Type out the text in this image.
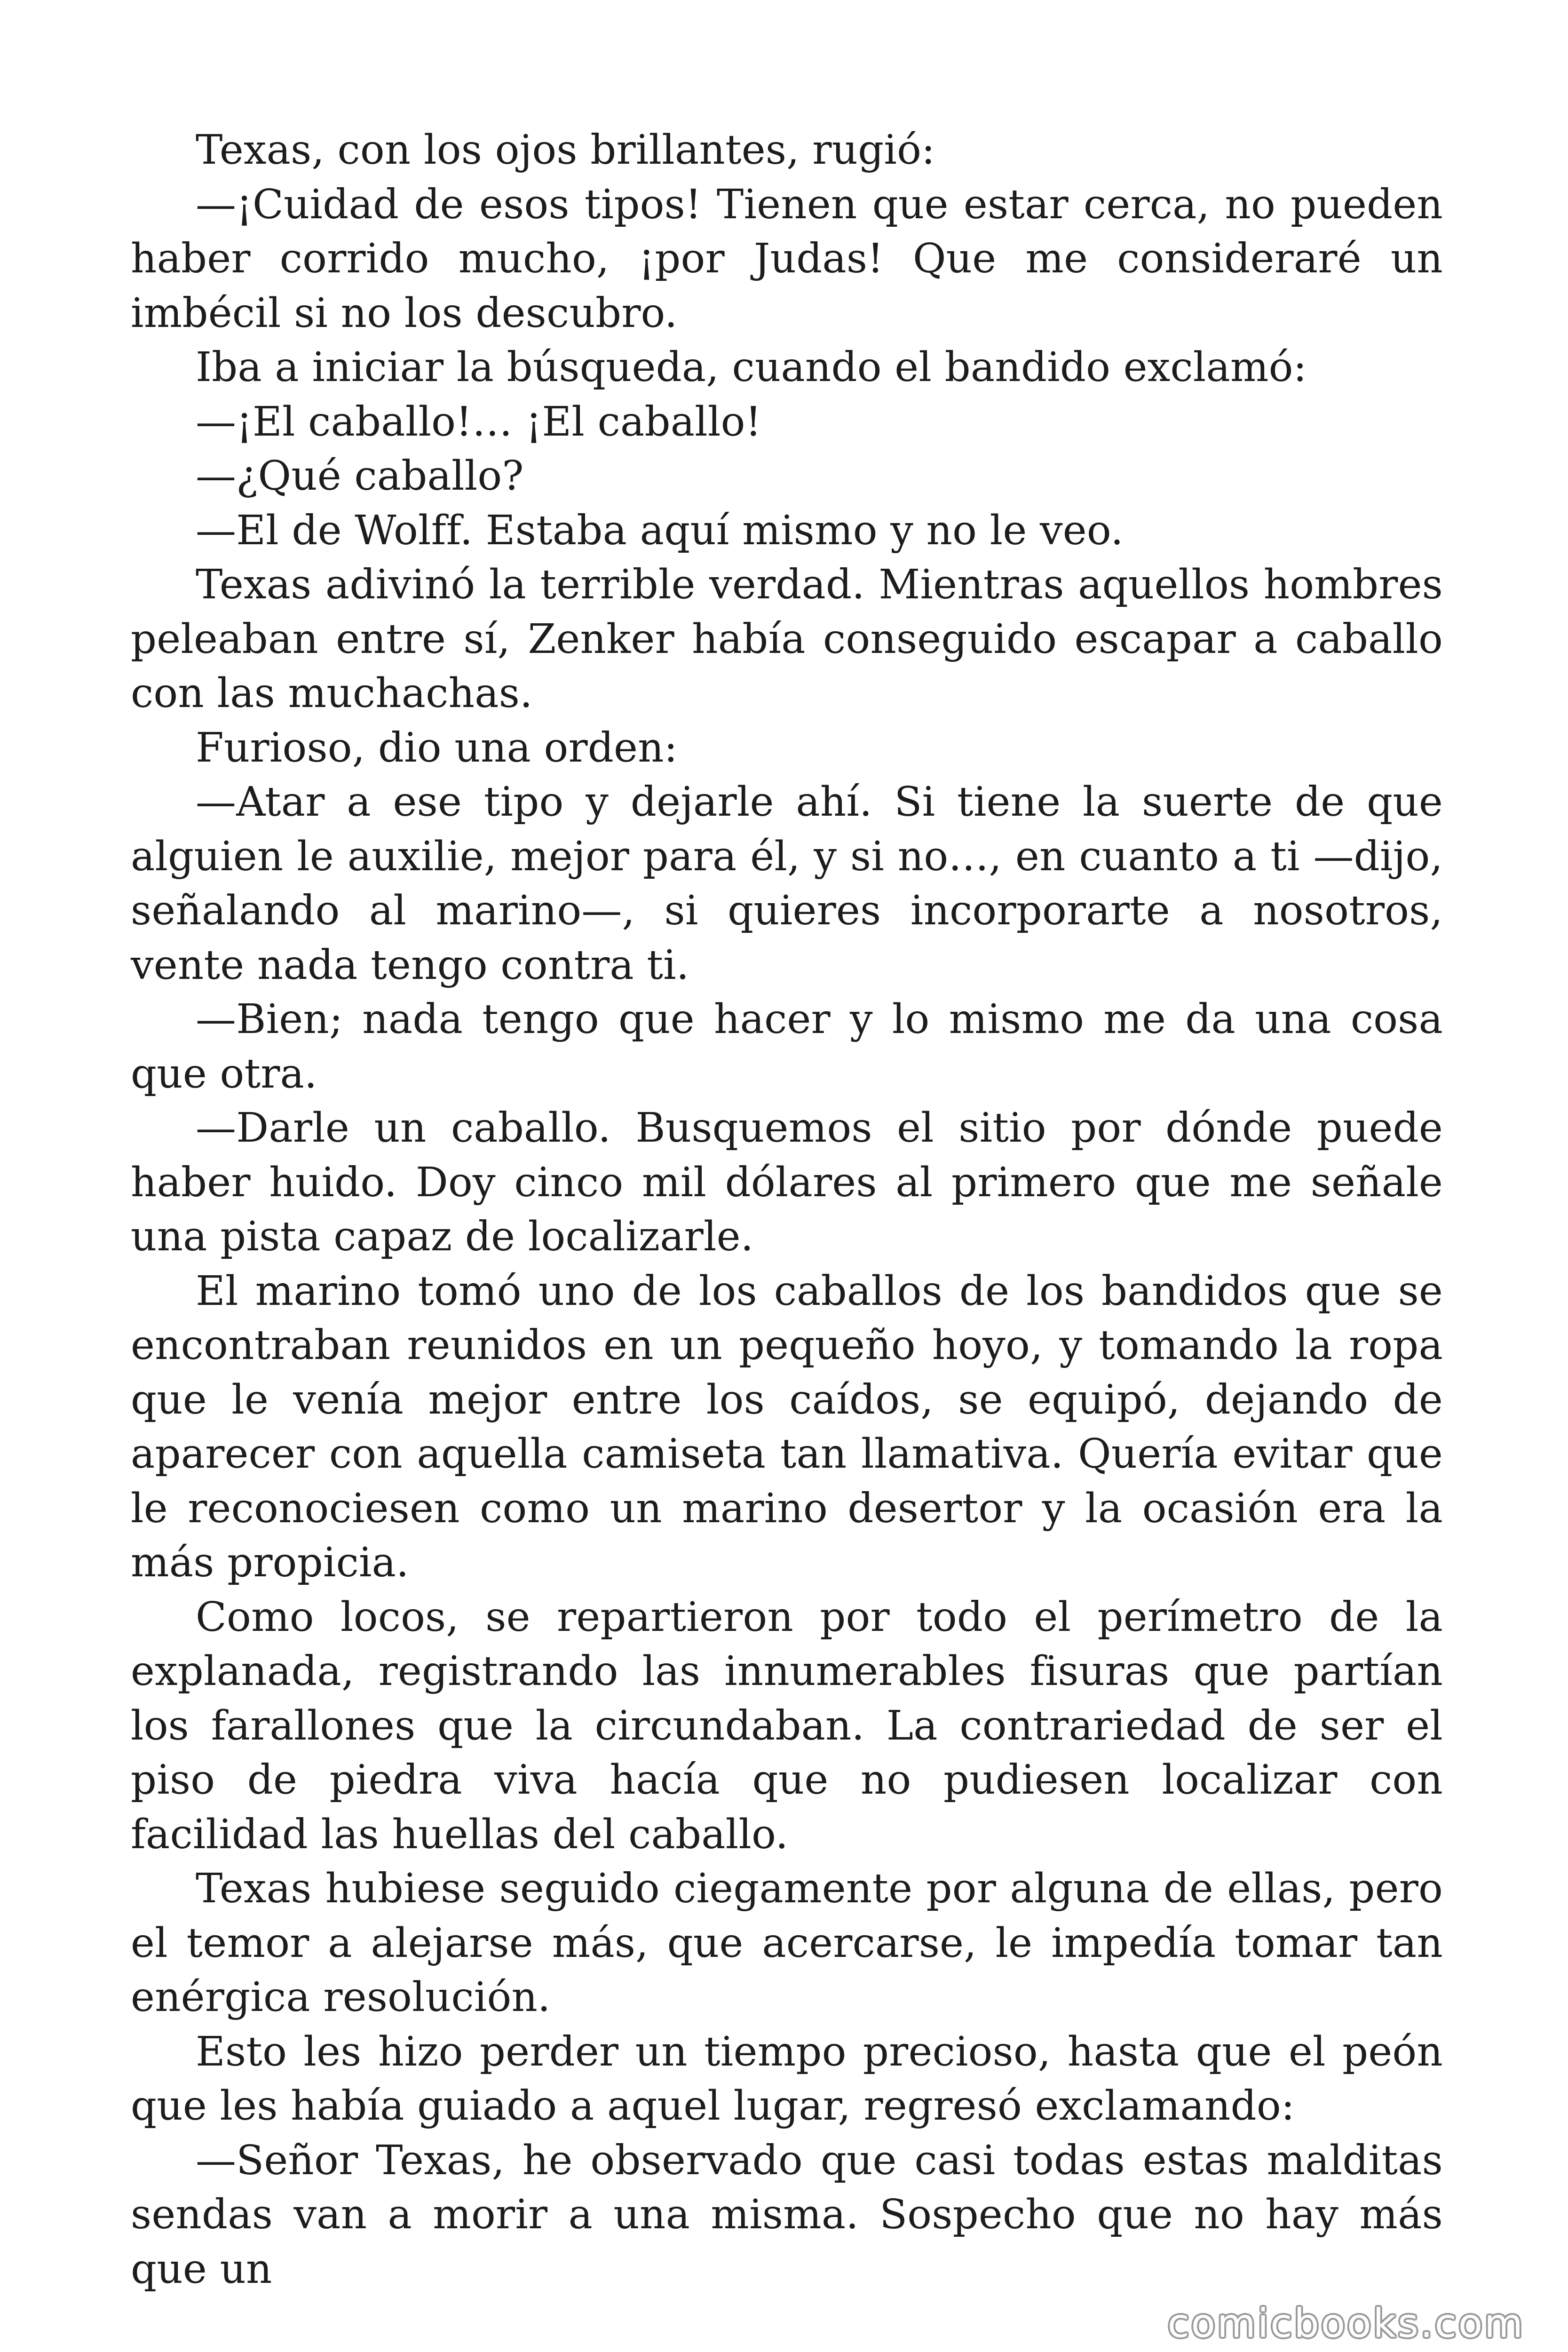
Texas, con los ojos brillantes, rugió:

—¡Cuidad de esos tipos! Tienen que estar cerca, no pueden haber corrido mucho, ¡por Judas! Que me consideraré un imbécil si no los descubro.

Iba a iniciar la búsqueda, cuando el bandido exclamó:

—¡El caballo!… ¡El caballo!

—¿Qué caballo?

—El de Wolff. Estaba aquí mismo y no le veo.

Texas adivinó la terrible verdad. Mientras aquellos hombres peleaban entre sí, Zenker había conseguido escapar a caballo con las muchachas.

Furioso, dio una orden:

—Atar a ese tipo y dejarle ahí. Si tiene la suerte de que alguien le auxilie, mejor para él, y si no…, en cuanto a ti —dijo, señalando al marino—, si quieres incorporarte a nosotros, vente nada tengo contra ti.

—Bien; nada tengo que hacer y lo mismo me da una cosa que otra.

—Darle un caballo. Busquemos el sitio por dónde puede haber huido. Doy cinco mil dólares al primero que me señale una pista capaz de localizarle.

El marino tomó uno de los caballos de los bandidos que se encontraban reunidos en un pequeño hoyo, y tomando la ropa que le venía mejor entre los caídos, se equipó, dejando de aparecer con aquella camiseta tan llamativa. Quería evitar que le reconociesen como un marino desertor y la ocasión era la más propicia.

Como locos, se repartieron por todo el perímetro de la explanada, registrando las innumerables fisuras que partían los farallones que la circundaban. La contrariedad de ser el piso de piedra viva hacía que no pudiesen localizar con facilidad las huellas del caballo.

Texas hubiese seguido ciegamente por alguna de ellas, pero el temor a alejarse más, que acercarse, le impedía tomar tan enérgica resolución.

Esto les hizo perder un tiempo precioso, hasta que el peón que les había guiado a aquel lugar, regresó exclamando:

—Señor Texas, he observado que casi todas estas malditas sendas van a morir a una misma. Sospecho que no hay más que un

comicbooks.com
